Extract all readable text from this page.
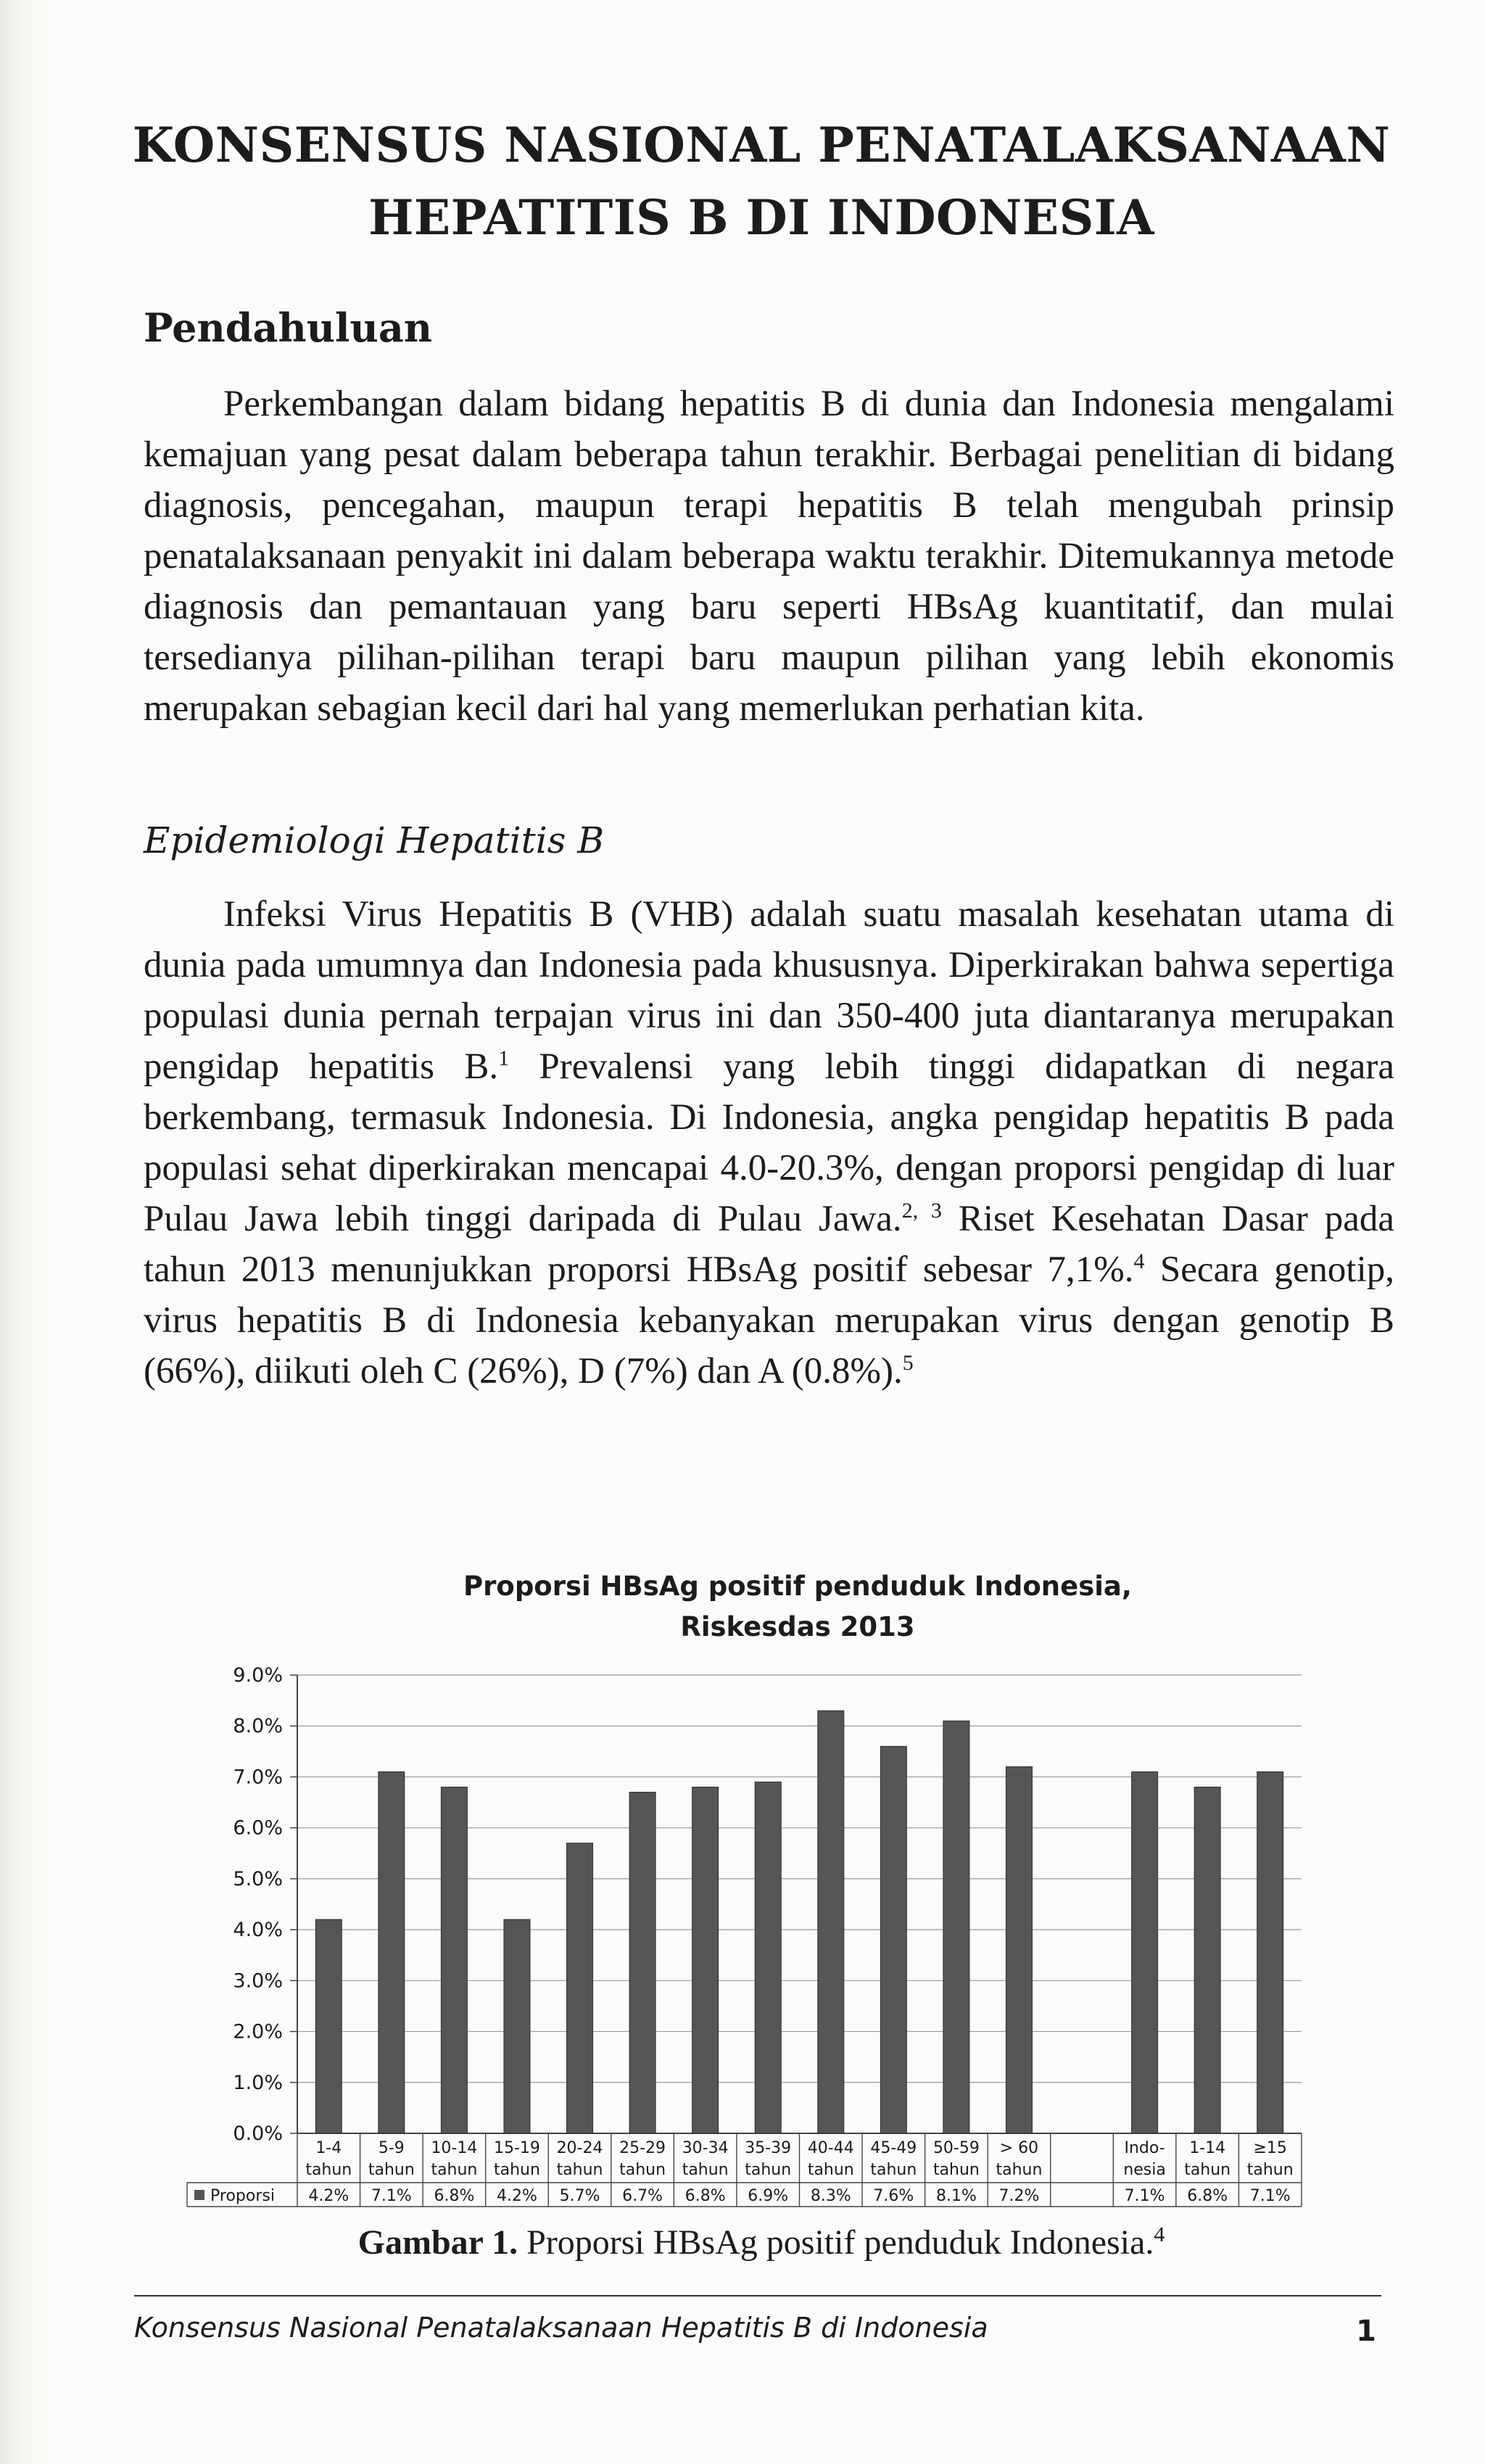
KONSENSUS NASIONAL PENATALAKSANAAN HEPATITIS B DI INDONESIA
Pendahuluan

Perkembangan dalam bidang hepatitis B di dunia dan Indonesia mengalami kemajuan yang pesat dalam beberapa tahun terakhir. Berbagai penelitian di bidang diagnosis, pencegahan, maupun terapi hepatitis B telah mengubah prinsip penatalaksanaan penyakit ini dalam beberapa waktu terakhir. Ditemukannya metode diagnosis dan pemantauan yang baru seperti HBsAg kuantitatif, dan mulai tersedianya pilihan-pilihan terapi baru maupun pilihan yang lebih ekonomis merupakan sebagian kecil dari hal yang memerlukan perhatian kita.

Epidemiologi Hepatitis B

Infeksi Virus Hepatitis B (VHB) adalah suatu masalah kesehatan utama di dunia pada umumnya dan Indonesia pada khususnya. Diperkirakan bahwa sepertiga populasi dunia pernah terpajan virus ini dan 350-400 juta diantaranya merupakan pengidap hepatitis B.$^1$ Prevalensi yang lebih tinggi didapatkan di negara berkembang, termasuk Indonesia. Di Indonesia, angka pengidap hepatitis B pada populasi sehat diperkirakan mencapai 4.0-20.3%, dengan proporsi pengidap di luar Pulau Jawa lebih tinggi daripada di Pulau Jawa.$^{2, 3}$ Riset Kesehatan Dasar pada tahun 2013 menunjukkan proporsi HBsAg positif sebesar 7,1%.$^4$ Secara genotip, virus hepatitis B di Indonesia kebanyakan merupakan virus dengan genotip B (66%), diikuti oleh C (26%), D (7%) dan A (0.8%).$^5$

Proporsi HBsAg positif penduduk Indonesia,
Riskesdas 2013
0.0%
1.0%
2.0%
3.0%
4.0%
5.0%
6.0%
7.0%
8.0%
9.0%
1-4
tahun
4.2%
5-9
tahun
7.1%
10-14
tahun
6.8%
15-19
tahun
4.2%
20-24
tahun
5.7%
25-29
tahun
6.7%
30-34
tahun
6.8%
35-39
tahun
6.9%
40-44
tahun
8.3%
45-49
tahun
7.6%
50-59
tahun
8.1%
> 60
tahun
7.2%
Indo-
nesia
7.1%
1-14
tahun
6.8%
≥15
tahun
7.1%
Proporsi
Gambar 1. Proporsi HBsAg positif penduduk Indonesia.$^4$
Konsensus Nasional Penatalaksanaan Hepatitis B di Indonesia	1
